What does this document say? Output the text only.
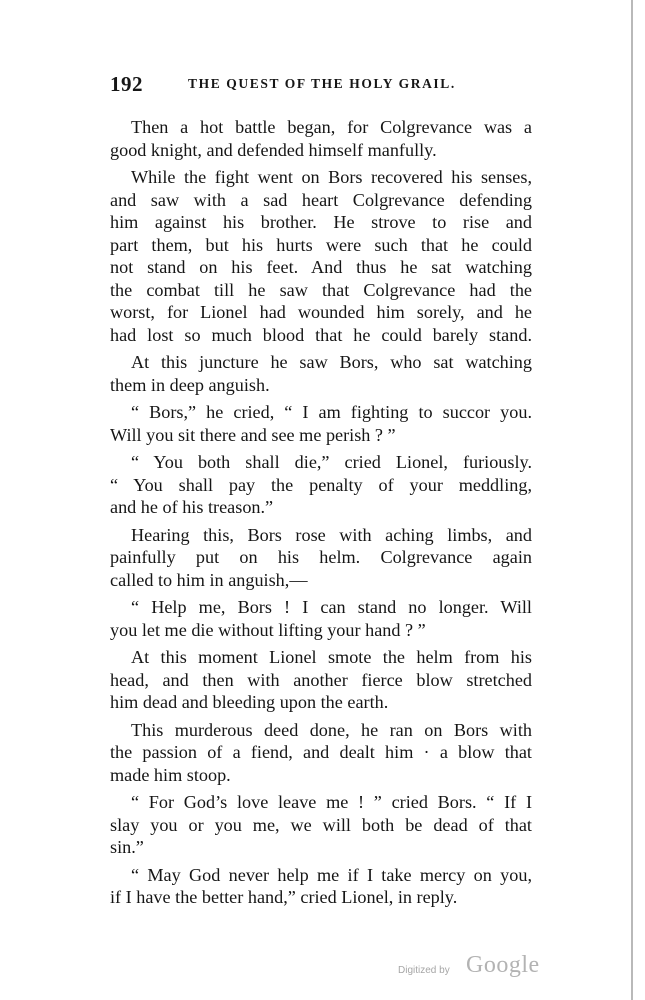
192	THE QUEST OF THE HOLY GRAIL.
Then a hot battle began, for Colgrevance was a
good knight, and defended himself manfully.
While the fight went on Bors recovered his senses,
and saw with a sad heart Colgrevance defending
him against his brother. He strove to rise and
part them, but his hurts were such that he could
not stand on his feet. And thus he sat watching
the combat till he saw that Colgrevance had the
worst, for Lionel had wounded him sorely, and he
had lost so much blood that he could barely stand.
At this juncture he saw Bors, who sat watching
them in deep anguish.
“ Bors,” he cried, “ I am fighting to succor you.
Will you sit there and see me perish ? ”
“ You both shall die,” cried Lionel, furiously.
“ You shall pay the penalty of your meddling,
and he of his treason.”
Hearing this, Bors rose with aching limbs, and
painfully put on his helm. Colgrevance again
called to him in anguish,—
“ Help me, Bors ! I can stand no longer. Will
you let me die without lifting your hand ? ”
At this moment Lionel smote the helm from his
head, and then with another fierce blow stretched
him dead and bleeding upon the earth.
This murderous deed done, he ran on Bors with
the passion of a fiend, and dealt him · a blow that
made him stoop.
“ For God’s love leave me ! ” cried Bors. “ If I
slay you or you me, we will both be dead of that
sin.”
“ May God never help me if I take mercy on you,
if I have the better hand,” cried Lionel, in reply.
Digitized by Google
